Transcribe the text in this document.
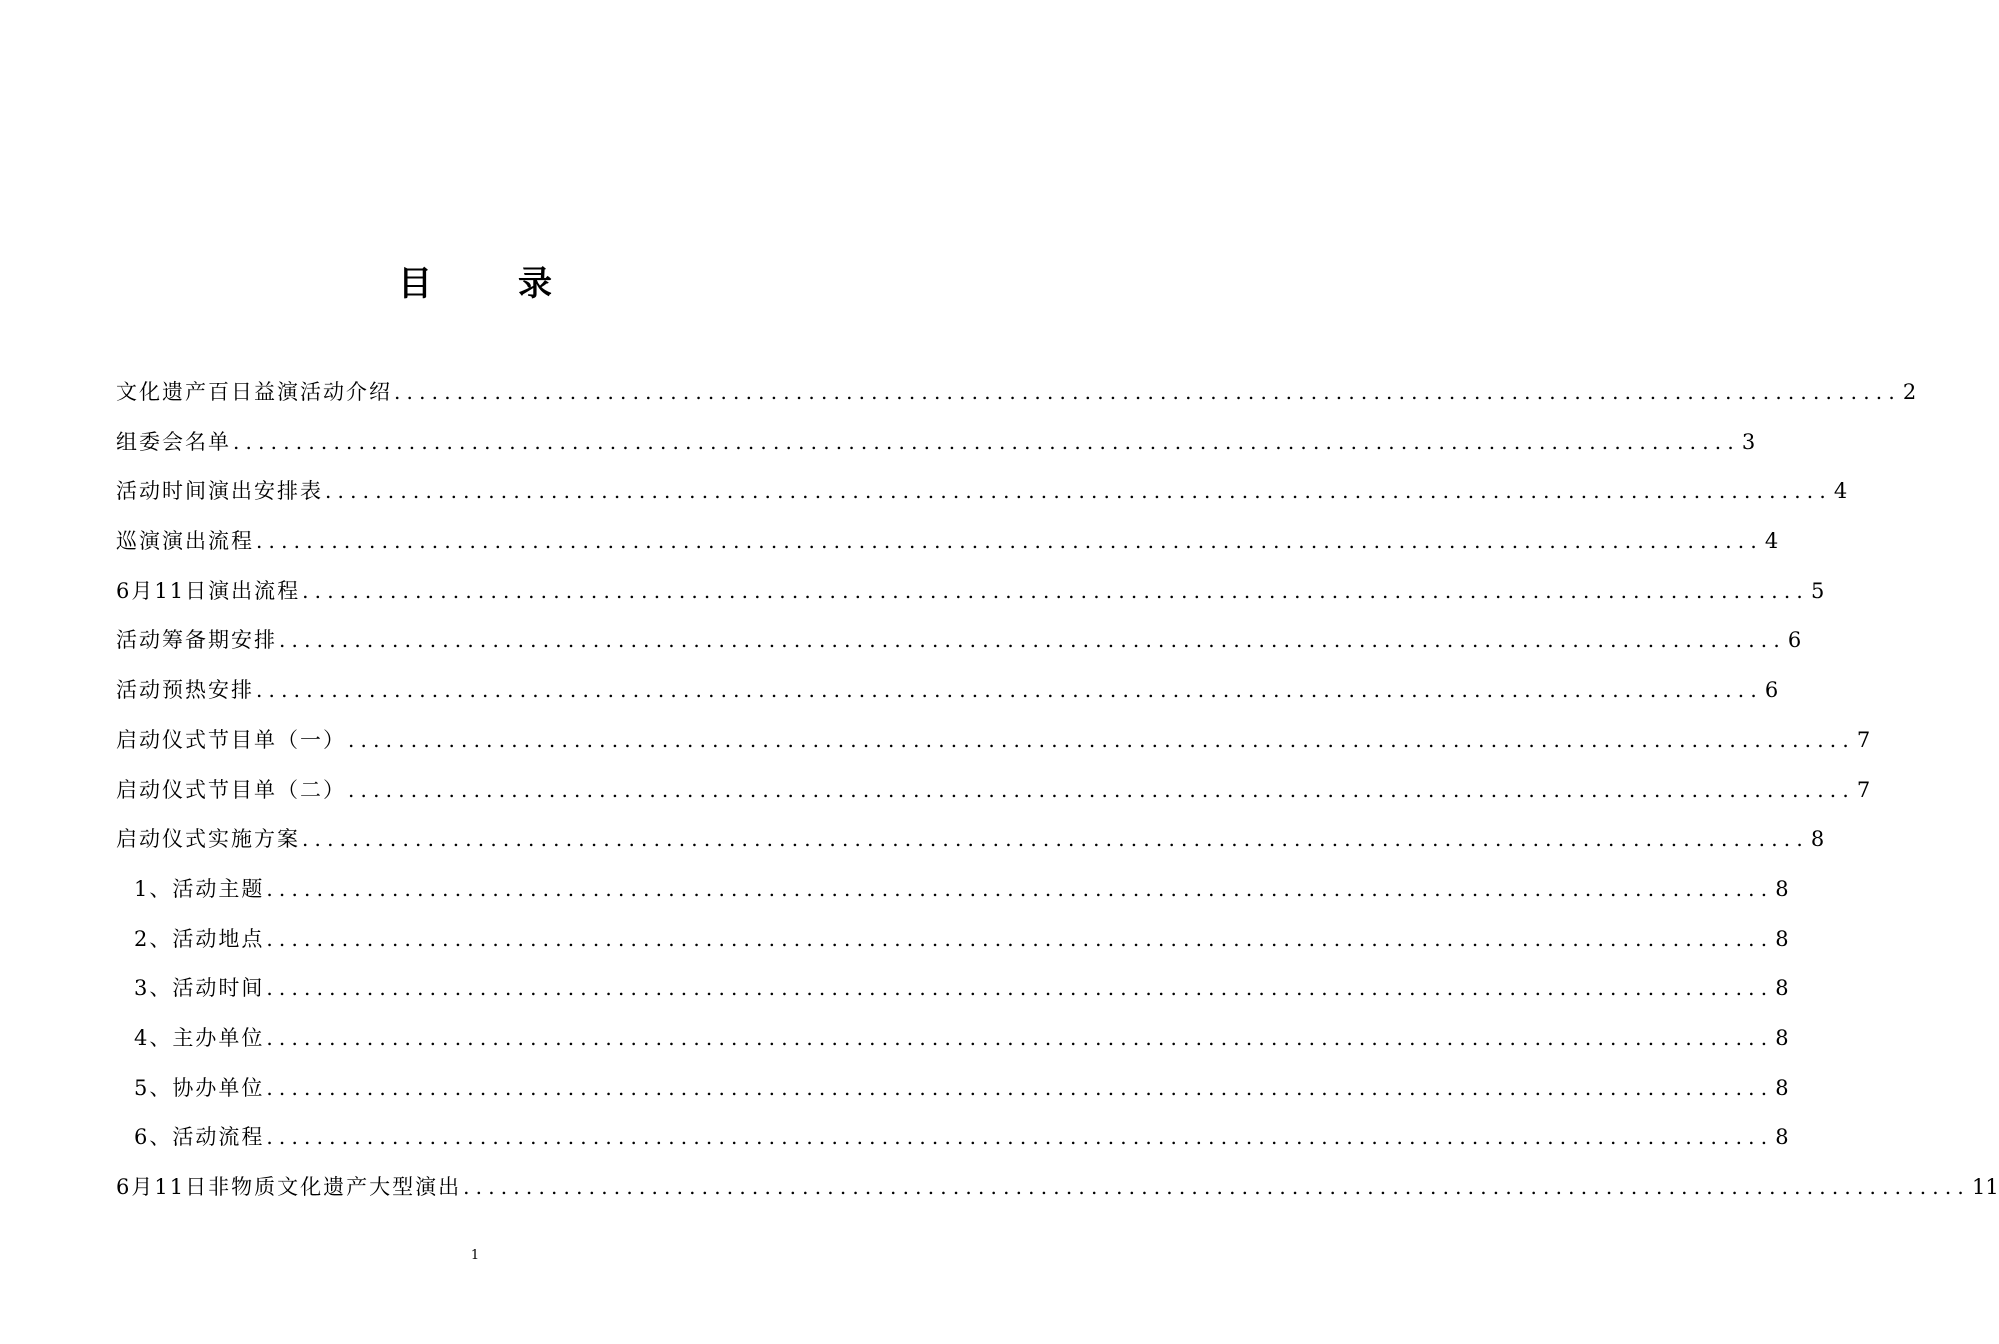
目	录
文化遗产百日益演活动介绍 ........................................................................................................................ 2
组委会名单 ........................................................................................................................ 3
活动时间演出安排表 ........................................................................................................................ 4
巡演演出流程 ........................................................................................................................ 4
6月11日演出流程 ........................................................................................................................ 5
活动筹备期安排 ........................................................................................................................ 6
活动预热安排 ........................................................................................................................ 6
启动仪式节目单（一） ........................................................................................................................ 7
启动仪式节目单（二） ........................................................................................................................ 7
启动仪式实施方案 ........................................................................................................................ 8
1、活动主题 ........................................................................................................................ 8
2、活动地点 ........................................................................................................................ 8
3、活动时间 ........................................................................................................................ 8
4、主办单位 ........................................................................................................................ 8
5、协办单位 ........................................................................................................................ 8
6、活动流程 ........................................................................................................................ 8
6月11日非物质文化遗产大型演出 ........................................................................................................................ 11
1
